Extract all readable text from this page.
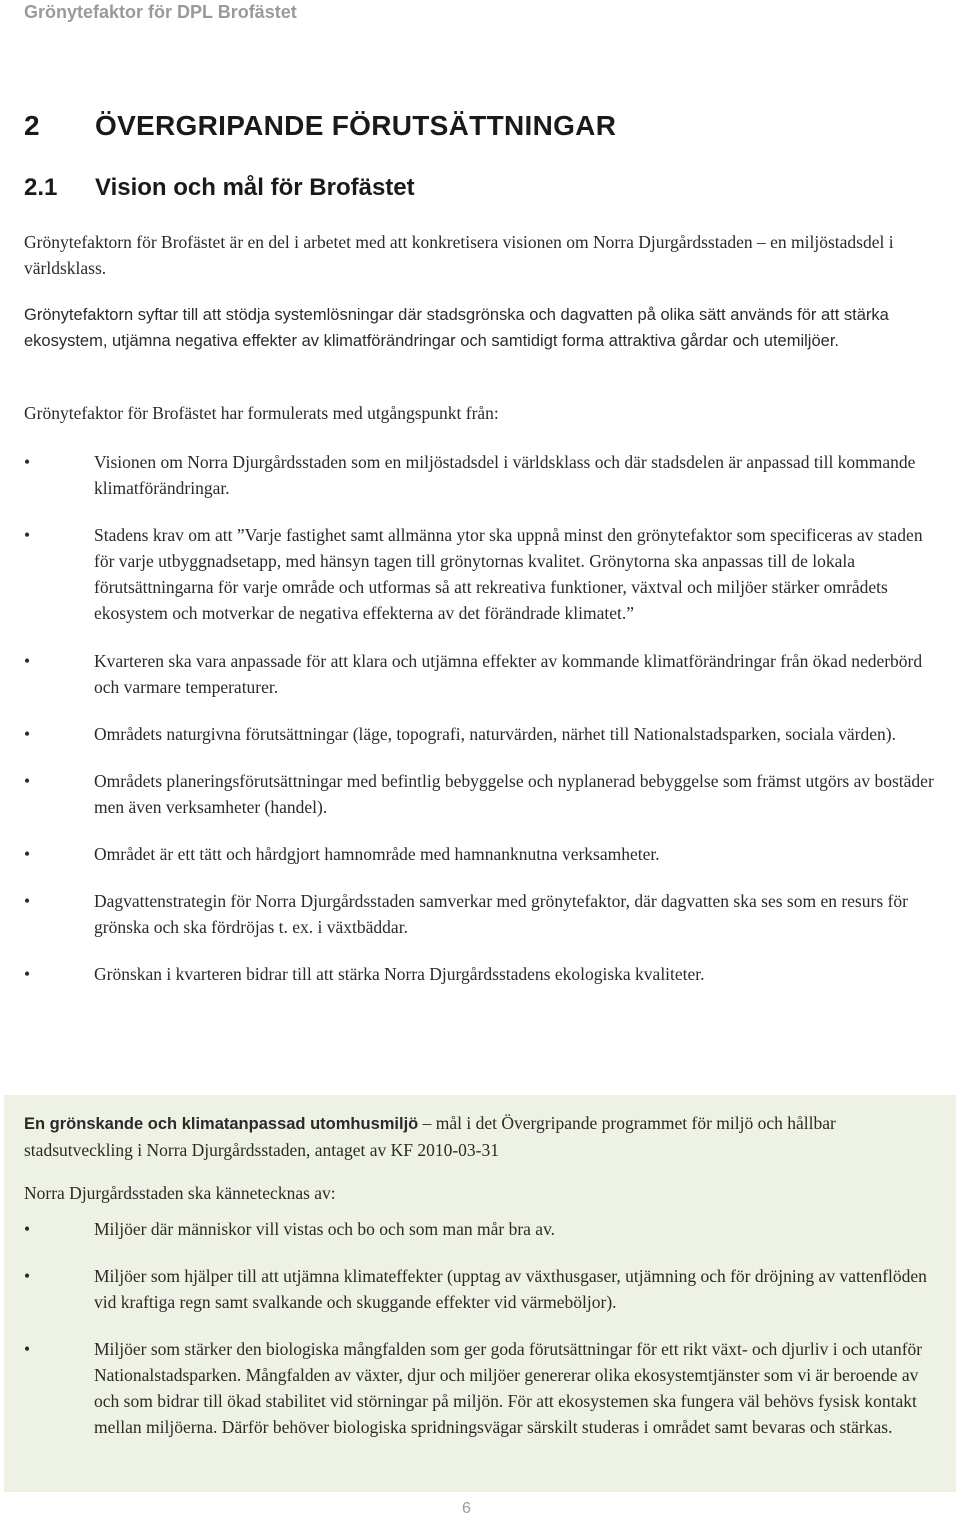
Grönytefaktor för DPL Brofästet
2 ÖVERGRIPANDE FÖRUTSÄTTNINGAR
2.1 Vision och mål för Brofästet

Grönytefaktorn för Brofästet är en del i arbetet med att konkretisera visionen om Norra Djurgårdsstaden – en miljöstadsdel i världsklass.

Grönytefaktorn syftar till att stödja systemlösningar där stadsgrönska och dagvatten på olika sätt används för att stärka ekosystem, utjämna negativa effekter av klimatförändringar och samtidigt forma attraktiva gårdar och utemiljöer.

Grönytefaktor för Brofästet har formulerats med utgångspunkt från:

•	Visionen om Norra Djurgårdsstaden som en miljöstadsdel i världsklass och där stadsdelen är anpassad till kommande klimatförändringar.
•	Stadens krav om att ”Varje fastighet samt allmänna ytor ska uppnå minst den grönytefaktor som specificeras av staden för varje utbyggnadsetapp, med hänsyn tagen till grönytornas kvalitet. Grönytorna ska anpassas till de lokala förutsättningarna för varje område och utformas så att rekreativa funktioner, växtval och miljöer stärker områdets ekosystem och motverkar de negativa effekterna av det förändrade klimatet.”
•	Kvarteren ska vara anpassade för att klara och utjämna effekter av kommande klimatförändringar från ökad nederbörd och varmare temperaturer.
•	Områdets naturgivna förutsättningar (läge, topografi, naturvärden, närhet till Nationalstadsparken, sociala värden).
•	Områdets planeringsförutsättningar med befintlig bebyggelse och nyplanerad bebyggelse som främst utgörs av bostäder men även verksamheter (handel).
•	Området är ett tätt och hårdgjort hamnområde med hamnanknutna verksamheter.
•	Dagvattenstrategin för Norra Djurgårdsstaden samverkar med grönytefaktor, där dagvatten ska ses som en resurs för grönska och ska fördröjas t. ex. i växtbäddar.
•	Grönskan i kvarteren bidrar till att stärka Norra Djurgårdsstadens ekologiska kvaliteter.

En grönskande och klimatanpassad utomhusmiljö – mål i det Övergripande programmet för miljö och hållbar stadsutveckling i Norra Djurgårdsstaden, antaget av KF 2010-03-31

Norra Djurgårdsstaden ska kännetecknas av:

•	Miljöer där människor vill vistas och bo och som man mår bra av.
•	Miljöer som hjälper till att utjämna klimateffekter (upptag av växthusgaser, utjämning och för dröjning av vattenflöden vid kraftiga regn samt svalkande och skuggande effekter vid värmeböljor).
•	Miljöer som stärker den biologiska mångfalden som ger goda förutsättningar för ett rikt växt- och djurliv i och utanför Nationalstadsparken. Mångfalden av växter, djur och miljöer genererar olika ekosystemtjänster som vi är beroende av och som bidrar till ökad stabilitet vid störningar på miljön. För att ekosystemen ska fungera väl behövs fysisk kontakt mellan miljöerna. Därför behöver biologiska spridningsvägar särskilt studeras i området samt bevaras och stärkas.
6
